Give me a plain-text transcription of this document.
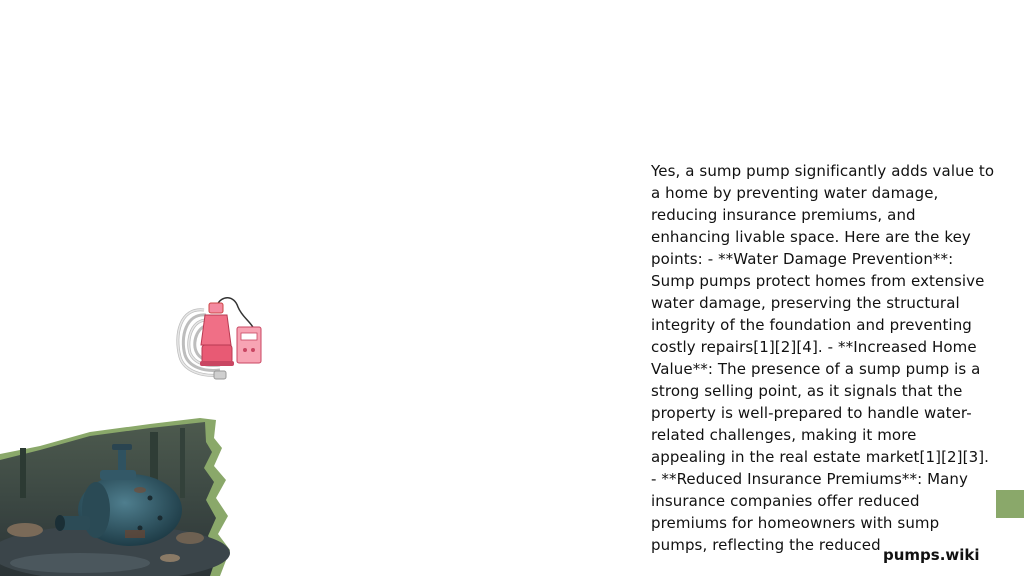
Yes, a sump pump significantly adds value to a home by preventing water damage, reducing insurance premiums, and enhancing livable space. Here are the key points: - **Water Damage Prevention**: Sump pumps protect homes from extensive water damage, preserving the structural integrity of the foundation and preventing costly repairs[1][2][4]. - **Increased Home Value**: The presence of a sump pump is a strong selling point, as it signals that the property is well-prepared to handle water-related challenges, making it more appealing in the real estate market[1][2][3]. - **Reduced Insurance Premiums**: Many insurance companies offer reduced premiums for homeowners with sump pumps, reflecting the reduced
pumps.wiki
